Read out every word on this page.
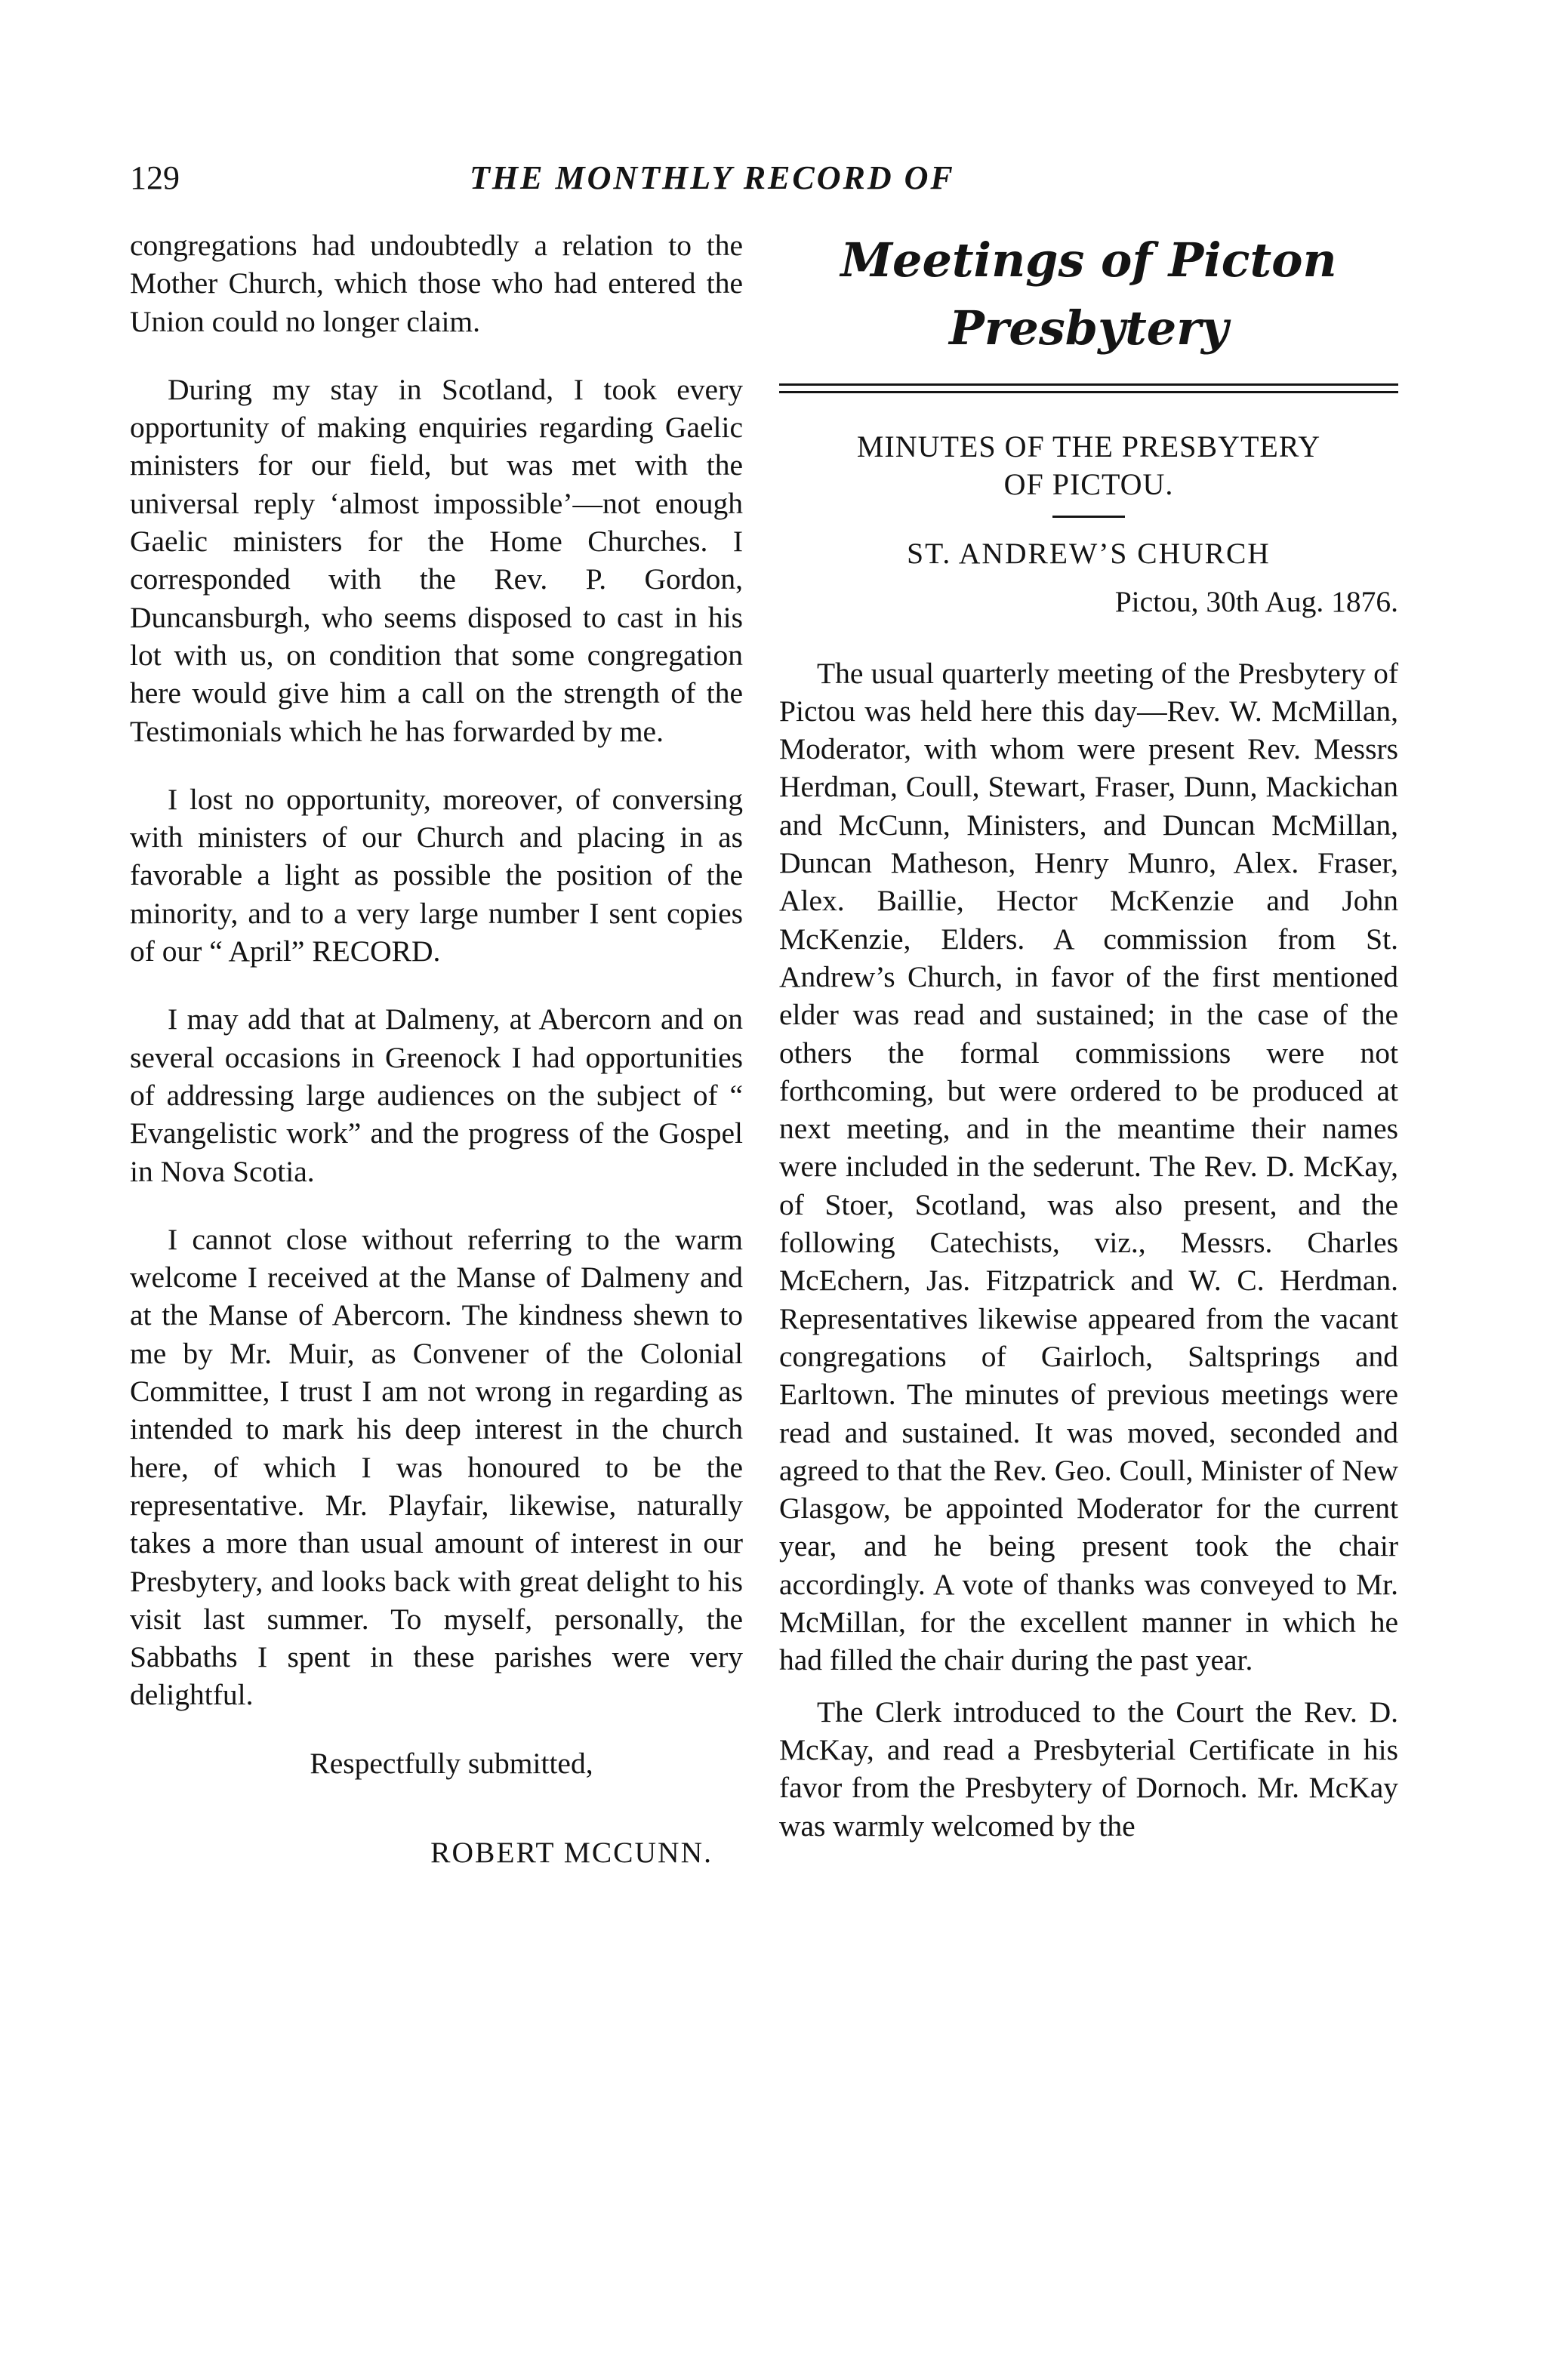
129	THE MONTHLY RECORD OF

congregations had undoubtedly a relation to the Mother Church, which those who had entered the Union could no longer claim.

During my stay in Scotland, I took every opportunity of making enquiries regarding Gaelic ministers for our field, but was met with the universal reply ‘almost impossible’—not enough Gaelic ministers for the Home Churches. I corresponded with the Rev. P. Gordon, Duncansburgh, who seems disposed to cast in his lot with us, on condition that some congregation here would give him a call on the strength of the Testimonials which he has forwarded by me.

I lost no opportunity, moreover, of conversing with ministers of our Church and placing in as favorable a light as possible the position of the minority, and to a very large number I sent copies of our “ April” RECORD.

I may add that at Dalmeny, at Abercorn and on several occasions in Greenock I had opportunities of addressing large audiences on the subject of “ Evangelistic work” and the progress of the Gospel in Nova Scotia.

I cannot close without referring to the warm welcome I received at the Manse of Dalmeny and at the Manse of Abercorn. The kindness shewn to me by Mr. Muir, as Convener of the Colonial Committee, I trust I am not wrong in regarding as intended to mark his deep interest in the church here, of which I was honoured to be the representative. Mr. Playfair, likewise, naturally takes a more than usual amount of interest in our Presbytery, and looks back with great delight to his visit last summer. To myself, personally, the Sabbaths I spent in these parishes were very delightful.

Respectfully submitted,
ROBERT MCCUNN.
Meetings of Picton Presbytery
MINUTES OF THE PRESBYTERY
OF PICTOU.
ST. ANDREW’S CHURCH
Pictou, 30th Aug. 1876.

The usual quarterly meeting of the Presbytery of Pictou was held here this day—Rev. W. McMillan, Moderator, with whom were present Rev. Messrs Herdman, Coull, Stewart, Fraser, Dunn, Mackichan and McCunn, Ministers, and Duncan McMillan, Duncan Matheson, Henry Munro, Alex. Fraser, Alex. Baillie, Hector McKenzie and John McKenzie, Elders. A commission from St. Andrew’s Church, in favor of the first mentioned elder was read and sustained; in the case of the others the formal commissions were not forthcoming, but were ordered to be produced at next meeting, and in the meantime their names were included in the sederunt. The Rev. D. McKay, of Stoer, Scotland, was also present, and the following Catechists, viz., Messrs. Charles McEchern, Jas. Fitzpatrick and W. C. Herdman. Representatives likewise appeared from the vacant congregations of Gairloch, Saltsprings and Earltown. The minutes of previous meetings were read and sustained. It was moved, seconded and agreed to that the Rev. Geo. Coull, Minister of New Glasgow, be appointed Moderator for the current year, and he being present took the chair accordingly. A vote of thanks was conveyed to Mr. McMillan, for the excellent manner in which he had filled the chair during the past year.

The Clerk introduced to the Court the Rev. D. McKay, and read a Presbyterial Certificate in his favor from the Presbytery of Dornoch. Mr. McKay was warmly welcomed by the
